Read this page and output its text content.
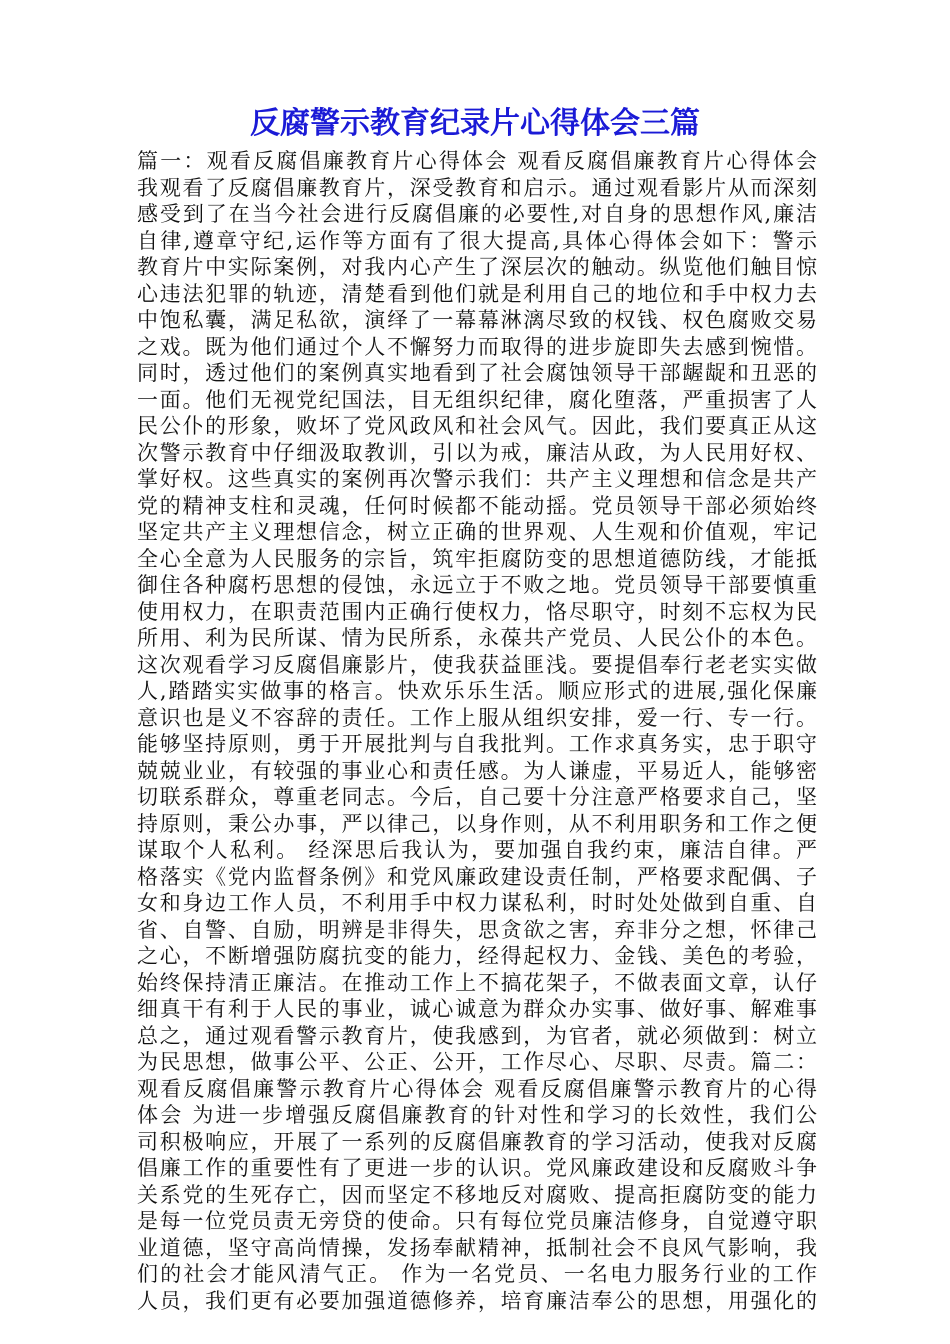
反腐警示教育纪录片心得体会三篇
篇一：观看反腐倡廉教育片心得体会 观看反腐倡廉教育片心得体会
我观看了反腐倡廉教育片，深受教育和启示。通过观看影片从而深刻
感受到了在当今社会进行反腐倡廉的必要性,对自身的思想作风,廉洁
自律,遵章守纪,运作等方面有了很大提高,具体心得体会如下：警示
教育片中实际案例，对我内心产生了深层次的触动。纵览他们触目惊
心违法犯罪的轨迹，清楚看到他们就是利用自己的地位和手中权力去
中饱私囊，满足私欲，演绎了一幕幕淋漓尽致的权钱、权色腐败交易
之戏。既为他们通过个人不懈努力而取得的进步旋即失去感到惋惜。
同时，透过他们的案例真实地看到了社会腐蚀领导干部龌龊和丑恶的
一面。他们无视党纪国法，目无组织纪律，腐化堕落，严重损害了人
民公仆的形象，败坏了党风政风和社会风气。因此，我们要真正从这
次警示教育中仔细汲取教训，引以为戒，廉洁从政，为人民用好权、
掌好权。这些真实的案例再次警示我们：共产主义理想和信念是共产
党的精神支柱和灵魂，任何时候都不能动摇。党员领导干部必须始终
坚定共产主义理想信念，树立正确的世界观、人生观和价值观，牢记
全心全意为人民服务的宗旨，筑牢拒腐防变的思想道德防线，才能抵
御住各种腐朽思想的侵蚀，永远立于不败之地。党员领导干部要慎重
使用权力，在职责范围内正确行使权力，恪尽职守，时刻不忘权为民
所用、利为民所谋、情为民所系，永葆共产党员、人民公仆的本色。
这次观看学习反腐倡廉影片，使我获益匪浅。要提倡奉行老老实实做
人,踏踏实实做事的格言。快欢乐乐生活。顺应形式的进展,强化保廉
意识也是义不容辞的责任。工作上服从组织安排，爱一行、专一行。
能够坚持原则，勇于开展批判与自我批判。工作求真务实，忠于职守
兢兢业业，有较强的事业心和责任感。为人谦虚，平易近人，能够密
切联系群众，尊重老同志。今后，自己要十分注意严格要求自己，坚
持原则，秉公办事，严以律己，以身作则，从不利用职务和工作之便
谋取个人私利。 经深思后我认为，要加强自我约束，廉洁自律。严
格落实《党内监督条例》和党风廉政建设责任制，严格要求配偶、子
女和身边工作人员，不利用手中权力谋私利，时时处处做到自重、自
省、自警、自励，明辨是非得失，思贪欲之害，弃非分之想，怀律己
之心，不断增强防腐抗变的能力，经得起权力、金钱、美色的考验，
始终保持清正廉洁。在推动工作上不搞花架子，不做表面文章，认仔
细真干有利于人民的事业，诚心诚意为群众办实事、做好事、解难事
总之，通过观看警示教育片，使我感到，为官者，就必须做到：树立
为民思想，做事公平、公正、公开，工作尽心、尽职、尽责。篇二：
观看反腐倡廉警示教育片心得体会 观看反腐倡廉警示教育片的心得
体会 为进一步增强反腐倡廉教育的针对性和学习的长效性，我们公
司积极响应，开展了一系列的反腐倡廉教育的学习活动，使我对反腐
倡廉工作的重要性有了更进一步的认识。党风廉政建设和反腐败斗争
关系党的生死存亡，因而坚定不移地反对腐败、提高拒腐防变的能力
是每一位党员责无旁贷的使命。只有每位党员廉洁修身，自觉遵守职
业道德，坚守高尚情操，发扬奉献精神，抵制社会不良风气影响，我
们的社会才能风清气正。 作为一名党员、一名电力服务行业的工作
人员，我们更有必要加强道德修养，培育廉洁奉公的思想，用强化的
